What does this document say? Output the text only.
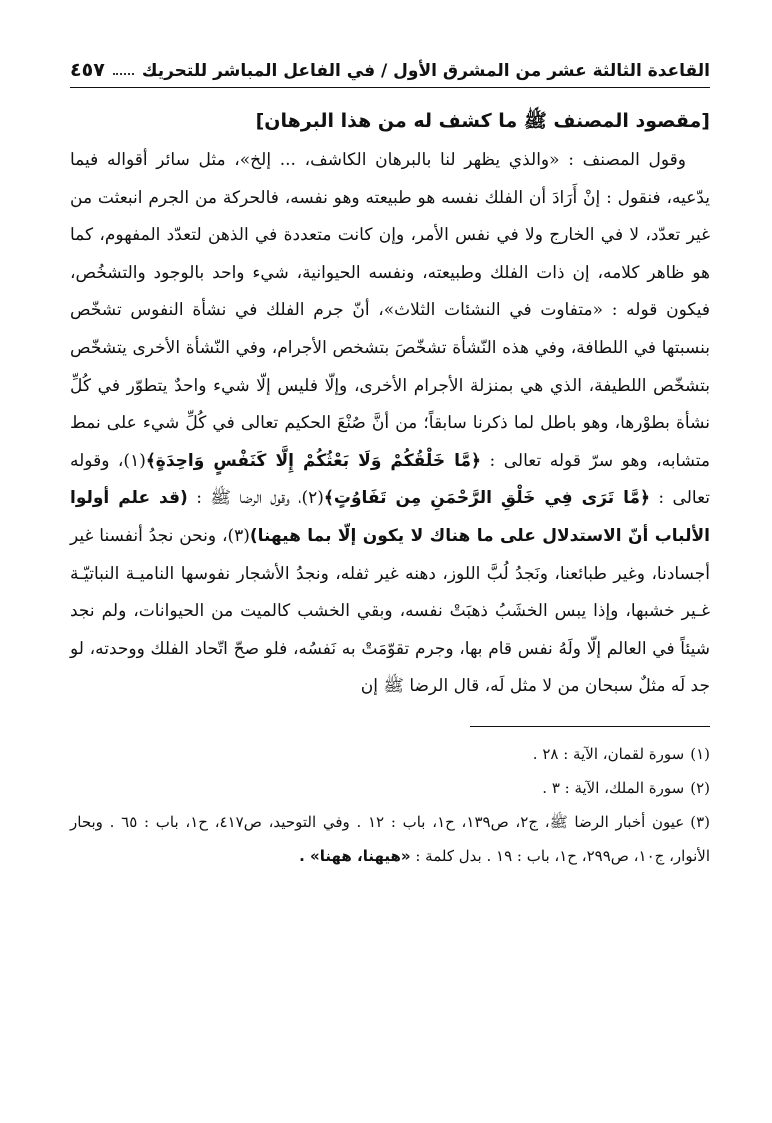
القاعدة الثالثة عشر من المشرق الأول / في الفاعل المباشر للتحريك
٤٥٧
[مقصود المصنف ﷺ ما كشف له من هذا البرهان]
وقول المصنف : «والذي يظهر لنا بالبرهان الكاشف، ... إلخ»، مثل سائر أقواله فيما يدّعيه، فنقول : إنْ أَرَادَ أن الفلك نفسه هو طبيعته وهو نفسه، فالحركة من الجرم انبعثت من غير تعدّد، لا في الخارج ولا في نفس الأمر، وإن كانت متعددة في الذهن لتعدّد المفهوم، كما هو ظاهر كلامه، إن ذات الفلك وطبيعته، ونفسه الحيوانية، شيء واحد بالوجود والتشخُص، فيكون قوله : «متفاوت في النشئات الثلاث»، أنّ جرم الفلك في نشأة النفوس تشخّص بنسبتها في اللطافة، وفي هذه النّشأة تشخّصَ بتشخص الأجرام، وفي النّشأة الأخرى يتشخّص بتشخّص اللطيفة، الذي هي بمنزلة الأجرام الأخرى، وإلّا فليس إلّا شيء واحدٌ يتطوّر في كُلِّ نشأة بطوْرها، وهو باطل لما ذكرنا سابقاً؛ من أنَّ صُنْعَ الحكيم تعالى في كُلِّ شيء على نمط متشابه، وهو سرّ قوله تعالى : ﴿مَّا خَلْقُكُمْ وَلَا بَعْثُكُمْ إِلَّا كَنَفْسٍ وَاحِدَةٍ﴾(١)، وقوله تعالى : ﴿مَّا تَرَى فِي خَلْقِ الرَّحْمَنِ مِن تَفَاوُتٍ﴾(٢)، وقول الرضا ﷺ : (قد علم أولوا الألباب أنّ الاستدلال على ما هناك لا يكون إلّا بما هيهنا)(٣)، ونحن نجدُ أنفسنا غير أجسادنا، وغير طبائعنا، ونَجدُ لُبَّ اللوز، دهنه غير ثفله، ونجدُ الأشجار نفوسها الناميـة النباتيّـة غـير خشبها، وإذا يبس الخشَبُ ذهبَتْ نفسه، وبقي الخشب كالميت من الحيوانات، ولم نجد شيئاً في العالم إلّا ولَهُ نفس قام بها، وجرم تقوّمَتْ به نَفسُه، فلو صحّ اتّحاد الفلك ووحدته، لو جد لَه مثلٌ سبحان من لا مثل لَه، قال الرضا ﷺ إن
(١)سورة لقمان، الآية : ٢٨ .
(٢)سورة الملك، الآية : ٣ .
(٣)عيون أخبار الرضا ﷺ، ج٢، ص١٣٩، ح١، باب : ١٢ . وفي التوحيد، ص٤١٧، ح١، باب : ٦٥ . وبحار الأنوار، ج١٠، ص٢٩٩، ح١، باب : ١٩ . بدل كلمة : «هيهنا، ههنا» .
